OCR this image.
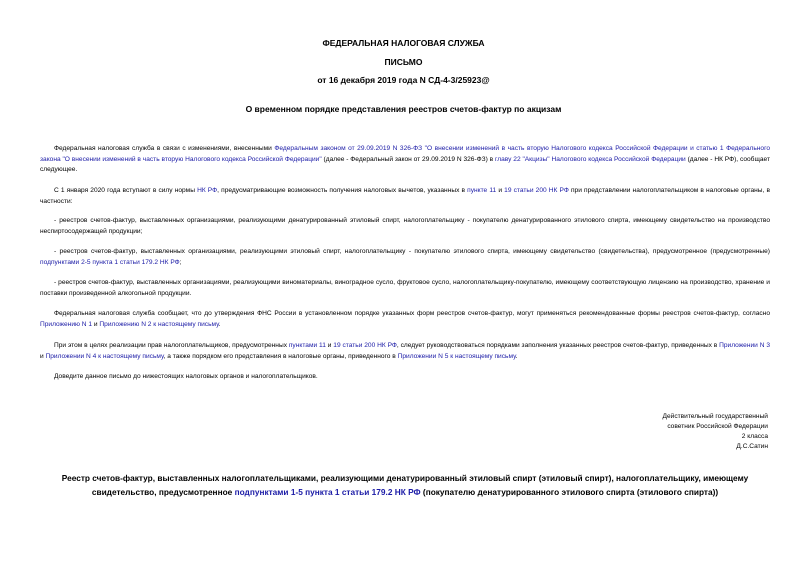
ФЕДЕРАЛЬНАЯ НАЛОГОВАЯ СЛУЖБА
ПИСЬМО
от 16 декабря 2019 года N СД-4-3/25923@
О временном порядке представления реестров счетов-фактур по акцизам

Федеральная налоговая служба в связи с изменениями, внесенными Федеральным законом от 29.09.2019 N 326-ФЗ "О внесении изменений в часть вторую Налогового кодекса Российской Федерации и статью 1 Федерального закона "О внесении изменений в часть вторую Налогового кодекса Российской Федерации" (далее - Федеральный закон от 29.09.2019 N 326-ФЗ) в главу 22 "Акцизы" Налогового кодекса Российской Федерации (далее - НК РФ), сообщает следующее.

С 1 января 2020 года вступают в силу нормы НК РФ, предусматривающие возможность получения налоговых вычетов, указанных в пункте 11 и 19 статьи 200 НК РФ при представлении налогоплательщиком в налоговые органы, в частности:

- реестров счетов-фактур, выставленных организациями, реализующими денатурированный этиловый спирт, налогоплательщику - покупателю денатурированного этилового спирта, имеющему свидетельство на производство неспиртосодержащей продукции;

- реестров счетов-фактур, выставленных организациями, реализующими этиловый спирт, налогоплательщику - покупателю этилового спирта, имеющему свидетельство (свидетельства), предусмотренное (предусмотренные) подпунктами 2-5 пункта 1 статьи 179.2 НК РФ;

- реестров счетов-фактур, выставленных организациями, реализующими виноматериалы, виноградное сусло, фруктовое сусло, налогоплательщику-покупателю, имеющему соответствующую лицензию на производство, хранение и поставки произведенной алкогольной продукции.

Федеральная налоговая служба сообщает, что до утверждения ФНС России в установленном порядке указанных форм реестров счетов-фактур, могут применяться рекомендованные формы реестров счетов-фактур, согласно Приложению N 1 и Приложению N 2 к настоящему письму.

При этом в целях реализации прав налогоплательщиков, предусмотренных пунктами 11 и 19 статьи 200 НК РФ, следует руководствоваться порядками заполнения указанных реестров счетов-фактур, приведенных в Приложении N 3 и Приложении N 4 к настоящему письму, а также порядком его представления в налоговые органы, приведенного в Приложении N 5 к настоящему письму.

Доведите данное письмо до нижестоящих налоговых органов и налогоплательщиков.

Действительный государственный
советник Российской Федерации
2 класса
Д.С.Сатин
Реестр счетов-фактур, выставленных налогоплательщиками, реализующими денатурированный этиловый спирт (этиловый спирт), налогоплательщику, имеющему свидетельство, предусмотренное подпунктами 1-5 пункта 1 статьи 179.2 НК РФ (покупателю денатурированного этилового спирта (этилового спирта))
